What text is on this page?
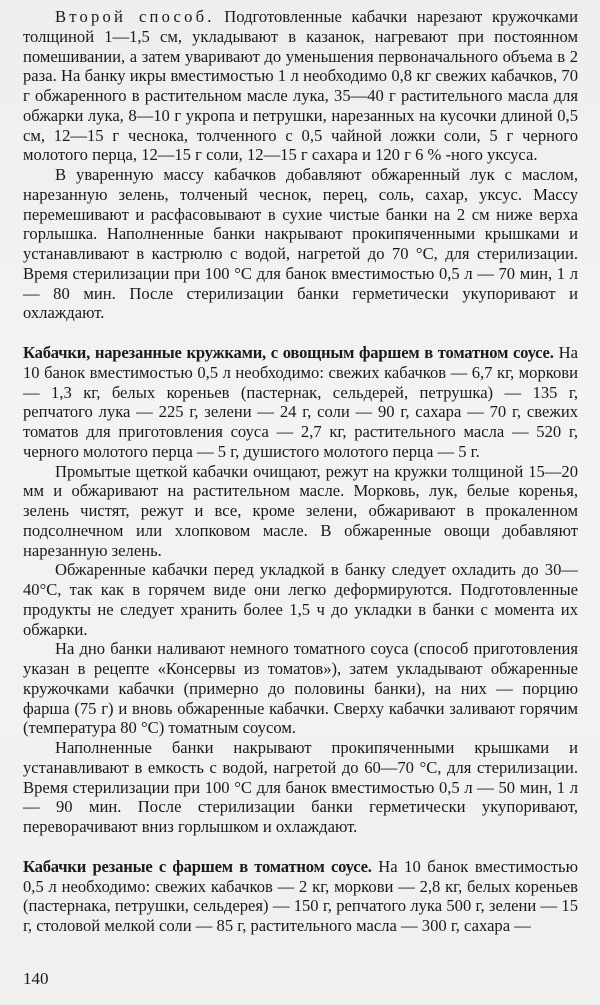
Второй способ. Подготовленные кабачки нарезают кружочками толщиной 1—1,5 см, укладывают в казанок, нагревают при постоянном помешивании, а затем уваривают до уменьшения первоначального объема в 2 раза. На банку икры вместимостью 1 л необходимо 0,8 кг свежих кабачков, 70 г обжаренного в растительном масле лука, 35—40 г растительного масла для обжарки лука, 8—10 г укропа и петрушки, нарезанных на кусочки длиной 0,5 см, 12—15 г чеснока, толченного с 0,5 чайной ложки соли, 5 г черного молотого перца, 12—15 г соли, 12—15 г сахара и 120 г 6 % -ного уксуса.

В уваренную массу кабачков добавляют обжаренный лук с маслом, нарезанную зелень, толченый чеснок, перец, соль, сахар, уксус. Массу перемешивают и расфасовывают в сухие чистые банки на 2 см ниже верха горлышка. Наполненные банки накрывают прокипяченными крышками и устанавливают в кастрюлю с водой, нагретой до 70 °С, для стерилизации. Время стерилизации при 100 °С для банок вместимостью 0,5 л — 70 мин, 1 л — 80 мин. После стерилизации банки герметически укупоривают и охлаждают.

Кабачки, нарезанные кружками, с овощным фаршем в томатном соусе. На 10 банок вместимостью 0,5 л необходимо: свежих кабачков — 6,7 кг, моркови — 1,3 кг, белых кореньев (пастернак, сельдерей, петрушка) — 135 г, репчатого лука — 225 г, зелени — 24 г, соли — 90 г, сахара — 70 г, свежих томатов для приготовления соуса — 2,7 кг, растительного масла — 520 г, черного молотого перца — 5 г, душистого молотого перца — 5 г.

Промытые щеткой кабачки очищают, режут на кружки толщиной 15—20 мм и обжаривают на растительном масле. Морковь, лук, белые коренья, зелень чистят, режут и все, кроме зелени, обжаривают в прокаленном подсолнечном или хлопковом масле. В обжаренные овощи добавляют нарезанную зелень.

Обжаренные кабачки перед укладкой в банку следует охладить до 30—40°С, так как в горячем виде они легко деформируются. Подготовленные продукты не следует хранить более 1,5 ч до укладки в банки с момента их обжарки.

На дно банки наливают немного томатного соуса (способ приготовления указан в рецепте «Консервы из томатов»), затем укладывают обжаренные кружочками кабачки (примерно до половины банки), на них — порцию фарша (75 г) и вновь обжаренные кабачки. Сверху кабачки заливают горячим (температура 80 °С) томатным соусом.

Наполненные банки накрывают прокипяченными крышками и устанавливают в емкость с водой, нагретой до 60—70 °С, для стерилизации. Время стерилизации при 100 °С для банок вместимостью 0,5 л — 50 мин, 1 л — 90 мин. После стерилизации банки герметически укупоривают, переворачивают вниз горлышком и охлаждают.

Кабачки резаные с фаршем в томатном соусе. На 10 банок вместимостью 0,5 л необходимо: свежих кабачков — 2 кг, моркови — 2,8 кг, белых кореньев (пастернака, петрушки, сельдерея) — 150 г, репчатого лука 500 г, зелени — 15 г, столовой мелкой соли — 85 г, растительного масла — 300 г, сахара —

140
